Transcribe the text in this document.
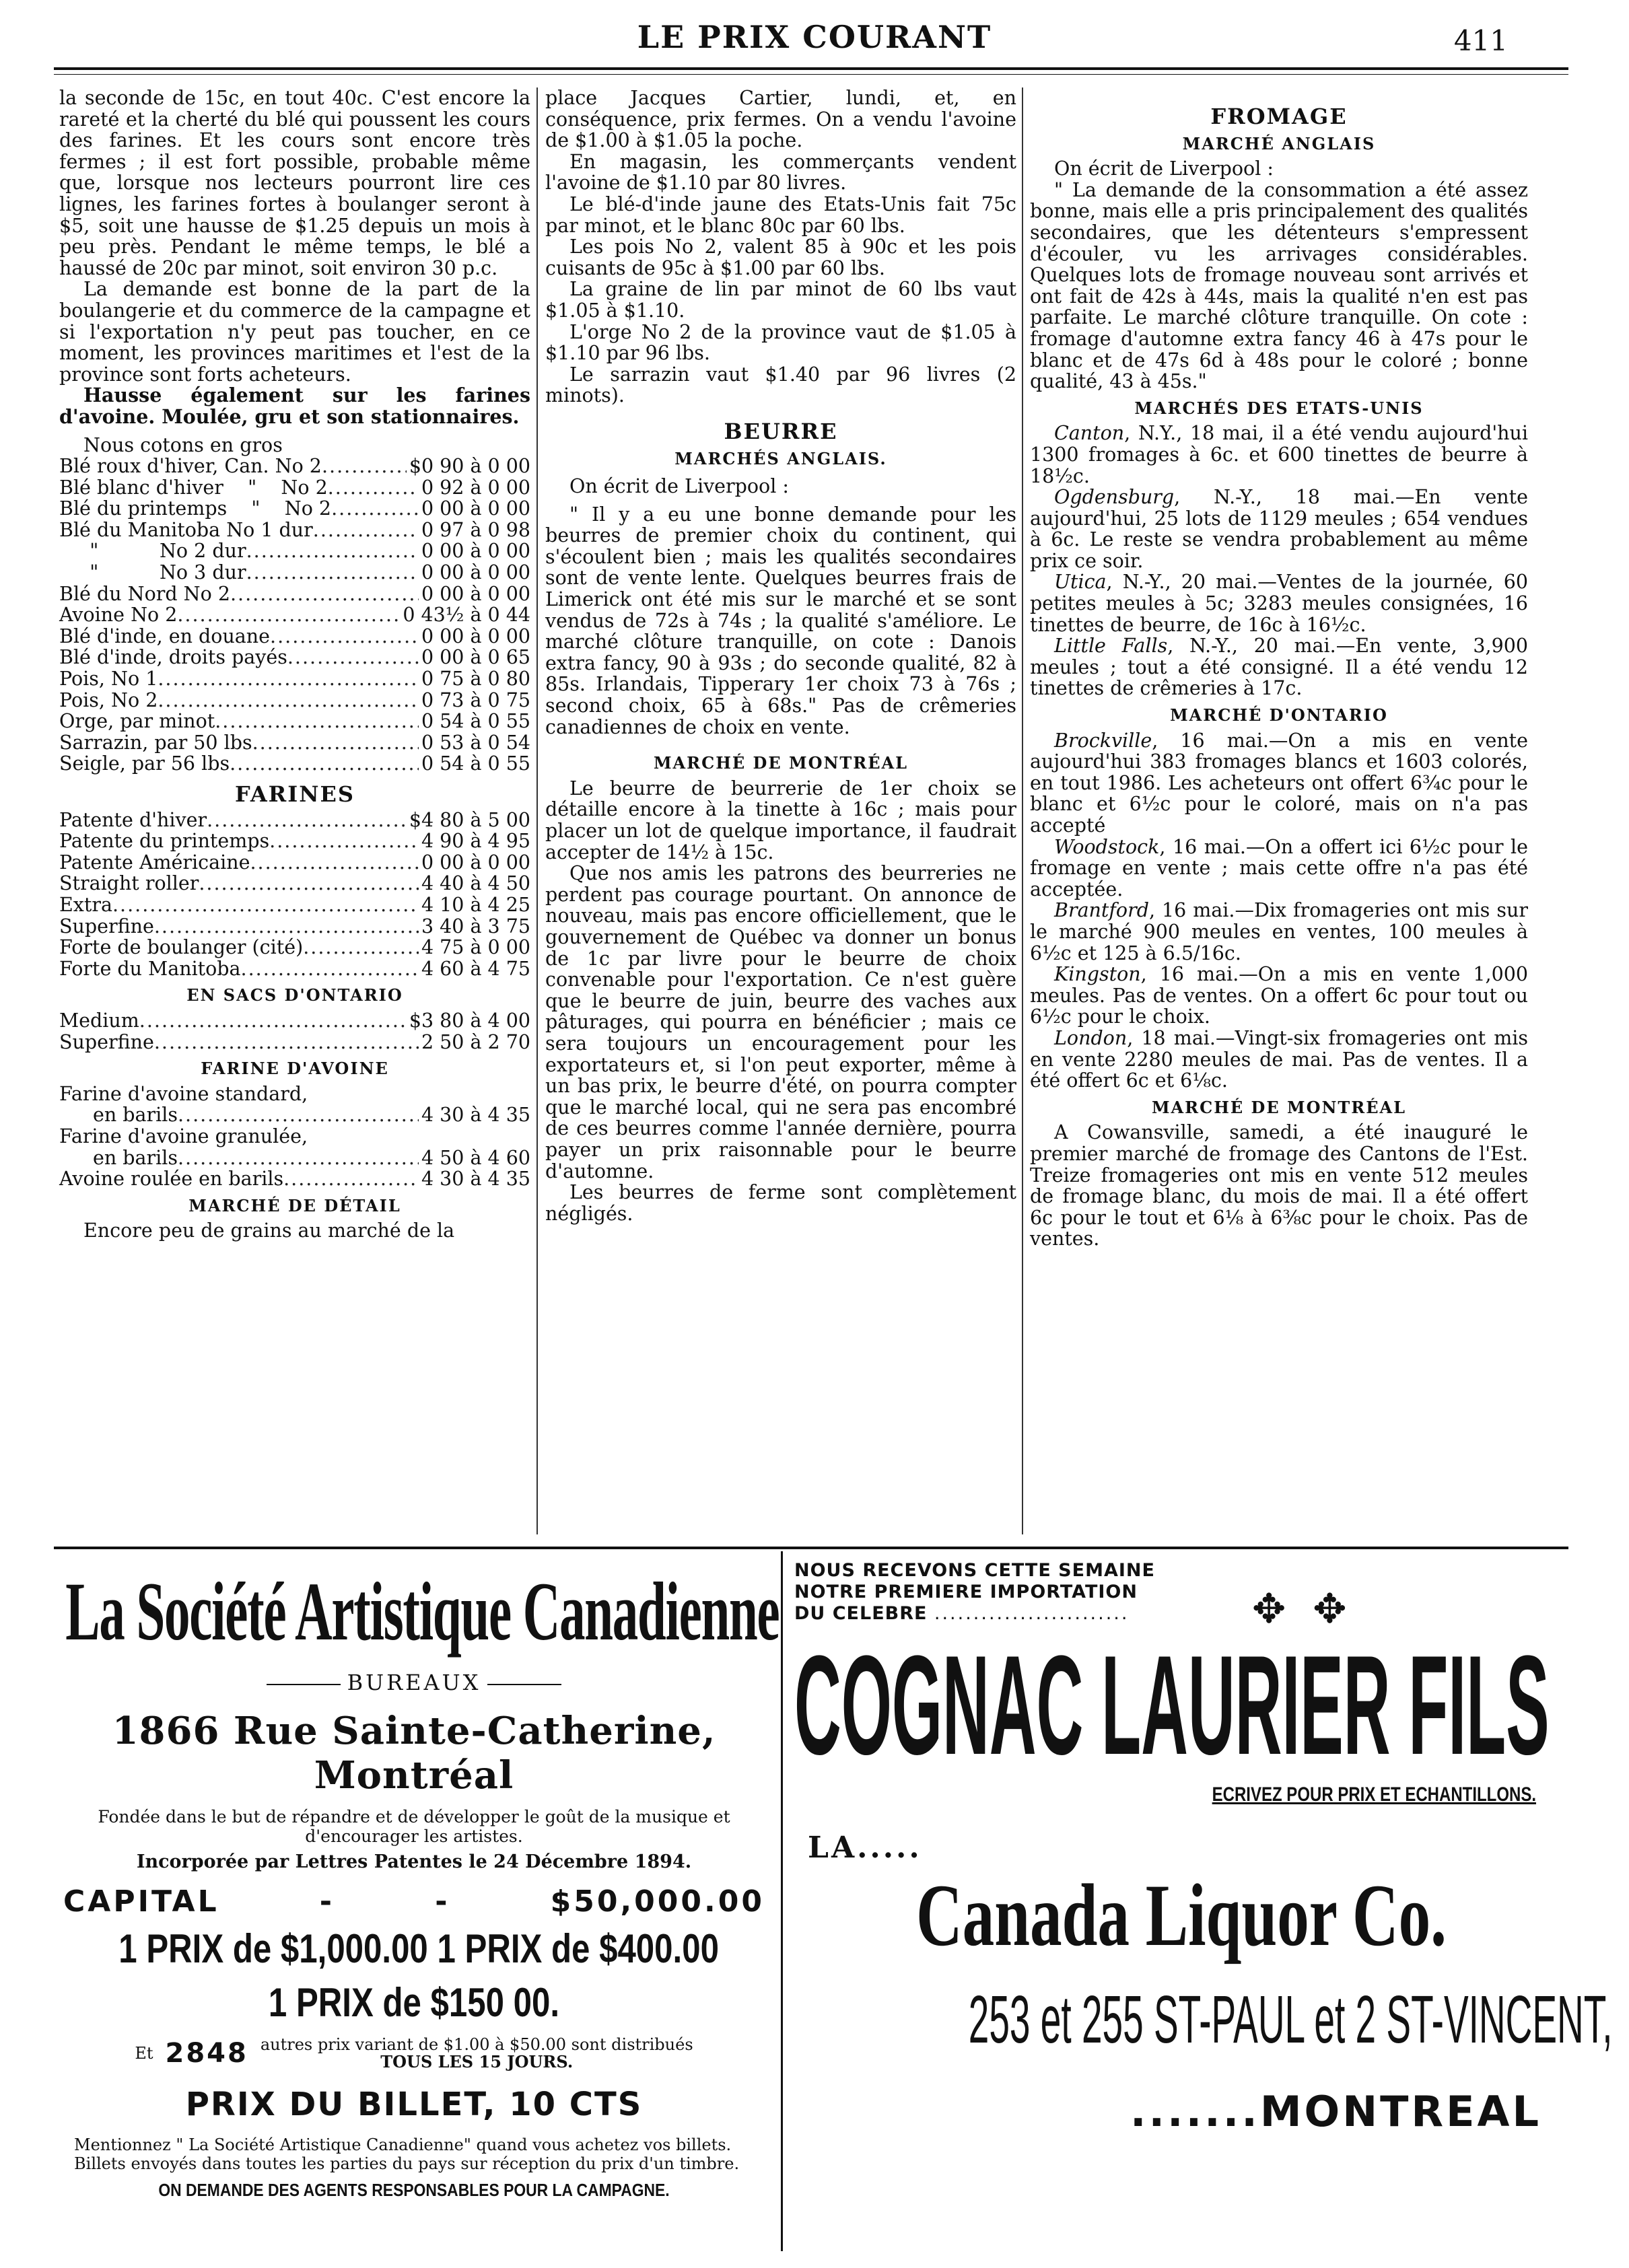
LE PRIX COURANT	411

la seconde de 15c, en tout 40c. C'est encore la rareté et la cherté du blé qui poussent les cours des farines. Et les cours sont encore très fermes ; il est fort possible, probable même que, lorsque nos lecteurs pourront lire ces lignes, les farines fortes à boulanger seront à $5, soit une hausse de $1.25 depuis un mois à peu près. Pendant le même temps, le blé a haussé de 20c par minot, soit environ 30 p.c.

La demande est bonne de la part de la boulangerie et du commerce de la campagne et si l'exportation n'y peut pas toucher, en ce moment, les provinces maritimes et l'est de la province sont forts acheteurs.

Hausse également sur les farines d'avoine. Moulée, gru et son stationnaires.

Nous cotons en gros

Blé roux d'hiver, Can. No 2 .....	$0 90 à 0 00
Blé blanc d'hiver    "    No 2 .....	0 92 à 0 00
Blé du printemps    "    No 2 .....	0 00 à 0 00
Blé du Manitoba No 1 dur .....	0 97 à 0 98
"          No 2 dur .....	0 00 à 0 00
"          No 3 dur .....	0 00 à 0 00
Blé du Nord No 2 .....	0 00 à 0 00
Avoine No 2 .....	0 43½ à 0 44
Blé d'inde, en douane .....	0 00 à 0 00
Blé d'inde, droits payés .....	0 00 à 0 65
Pois, No 1 .....	0 75 à 0 80
Pois, No 2 .....	0 73 à 0 75
Orge, par minot .....	0 54 à 0 55
Sarrazin, par 50 lbs .....	0 53 à 0 54
Seigle, par 56 lbs .....	0 54 à 0 55
FARINES
Patente d'hiver .....	$4 80 à 5 00
Patente du printemps .....	4 90 à 4 95
Patente Américaine .....	0 00 à 0 00
Straight roller .....	4 40 à 4 50
Extra .....	4 10 à 4 25
Superfine .....	3 40 à 3 75
Forte de boulanger (cité) .....	4 75 à 0 00
Forte du Manitoba .....	4 60 à 4 75
EN SACS D'ONTARIO
Medium .....	$3 80 à 4 00
Superfine .....	2 50 à 2 70
FARINE D'AVOINE
Farine d'avoine standard,
en barils .....	4 30 à 4 35
Farine d'avoine granulée,
en barils .....	4 50 à 4 60
Avoine roulée en barils .....	4 30 à 4 35
MARCHÉ DE DÉTAIL

Encore peu de grains au marché de la

place Jacques Cartier, lundi, et, en conséquence, prix fermes. On a vendu l'avoine de $1.00 à $1.05 la poche.

En magasin, les commerçants vendent l'avoine de $1.10 par 80 livres.

Le blé-d'inde jaune des Etats-Unis fait 75c par minot, et le blanc 80c par 60 lbs.

Les pois No 2, valent 85 à 90c et les pois cuisants de 95c à $1.00 par 60 lbs.

La graine de lin par minot de 60 lbs vaut $1.05 à $1.10.

L'orge No 2 de la province vaut de $1.05 à $1.10 par 96 lbs.

Le sarrazin vaut $1.40 par 96 livres (2 minots).

BEURRE
MARCHÉS ANGLAIS.

On écrit de Liverpool :

" Il y a eu une bonne demande pour les beurres de premier choix du continent, qui s'écoulent bien ; mais les qualités secondaires sont de vente lente. Quelques beurres frais de Limerick ont été mis sur le marché et se sont vendus de 72s à 74s ; la qualité s'améliore. Le marché clôture tranquille, on cote : Danois extra fancy, 90 à 93s ; do seconde qualité, 82 à 85s. Irlandais, Tipperary 1er choix 73 à 76s ; second choix, 65 à 68s." Pas de crêmeries canadiennes de choix en vente.

MARCHÉ DE MONTRÉAL

Le beurre de beurrerie de 1er choix se détaille encore à la tinette à 16c ; mais pour placer un lot de quelque importance, il faudrait accepter de 14½ à 15c.

Que nos amis les patrons des beurreries ne perdent pas courage pourtant. On annonce de nouveau, mais pas encore officiellement, que le gouvernement de Québec va donner un bonus de 1c par livre pour le beurre de choix convenable pour l'exportation. Ce n'est guère que le beurre de juin, beurre des vaches aux pâturages, qui pourra en bénéficier ; mais ce sera toujours un encouragement pour les exportateurs et, si l'on peut exporter, même à un bas prix, le beurre d'été, on pourra compter que le marché local, qui ne sera pas encombré de ces beurres comme l'année dernière, pourra payer un prix raisonnable pour le beurre d'automne.

Les beurres de ferme sont complètement négligés.

FROMAGE
MARCHÉ ANGLAIS

On écrit de Liverpool :

" La demande de la consommation a été assez bonne, mais elle a pris principalement des qualités secondaires, que les détenteurs s'empressent d'écouler, vu les arrivages considérables. Quelques lots de fromage nouveau sont arrivés et ont fait de 42s à 44s, mais la qualité n'en est pas parfaite. Le marché clôture tranquille. On cote : fromage d'automne extra fancy 46 à 47s pour le blanc et de 47s 6d à 48s pour le coloré ; bonne qualité, 43 à 45s."

MARCHÉS DES ETATS-UNIS

Canton, N.Y., 18 mai, il a été vendu aujourd'hui 1300 fromages à 6c. et 600 tinettes de beurre à 18½c.

Ogdensburg, N.-Y., 18 mai.—En vente aujourd'hui, 25 lots de 1129 meules ; 654 vendues à 6c. Le reste se vendra probablement au même prix ce soir.

Utica, N.-Y., 20 mai.—Ventes de la journée, 60 petites meules à 5c; 3283 meules consignées, 16 tinettes de beurre, de 16c à 16½c.

Little Falls, N.-Y., 20 mai.—En vente, 3,900 meules ; tout a été consigné. Il a été vendu 12 tinettes de crêmeries à 17c.

MARCHÉ D'ONTARIO

Brockville, 16 mai.—On a mis en vente aujourd'hui 383 fromages blancs et 1603 colorés, en tout 1986. Les acheteurs ont offert 6¾c pour le blanc et 6½c pour le coloré, mais on n'a pas accepté

Woodstock, 16 mai.—On a offert ici 6½c pour le fromage en vente ; mais cette offre n'a pas été acceptée.

Brantford, 16 mai.—Dix fromageries ont mis sur le marché 900 meules en ventes, 100 meules à 6½c et 125 à 6.5/16c.

Kingston, 16 mai.—On a mis en vente 1,000 meules. Pas de ventes. On a offert 6c pour tout ou 6½c pour le choix.

London, 18 mai.—Vingt-six fromageries ont mis en vente 2280 meules de mai. Pas de ventes. Il a été offert 6c et 6⅛c.

MARCHÉ DE MONTRÉAL

A Cowansville, samedi, a été inauguré le premier marché de fromage des Cantons de l'Est. Treize fromageries ont mis en vente 512 meules de fromage blanc, du mois de mai. Il a été offert 6c pour le tout et 6⅛ à 6⅜c pour le choix. Pas de ventes.

La Société Artistique Canadienne
BUREAUX
1866 Rue Sainte-Catherine, Montréal
Fondée dans le but de répandre et de développer le goût de la musique et d'encourager les artistes.
Incorporée par Lettres Patentes le 24 Décembre 1894.
CAPITAL	-	-	$50,000.00
1 PRIX de $1,000.00 1 PRIX de $400.00
1 PRIX de $150 00.
Et 2848 autres prix variant de $1.00 à $50.00 sont distribués
TOUS LES 15 JOURS.
PRIX DU BILLET, 10 CTS
Mentionnez " La Société Artistique Canadienne" quand vous achetez vos billets. Billets envoyés dans toutes les parties du pays sur réception du prix d'un timbre.
ON DEMANDE DES AGENTS RESPONSABLES POUR LA CAMPAGNE.
NOUS RECEVONS CETTE SEMAINE
NOTRE PREMIERE IMPORTATION
DU CELEBRE .........................	✥✥
COGNAC LAURIER FILS
ECRIVEZ POUR PRIX ET ECHANTILLONS.
LA.....
Canada Liquor Co.
253 et 255 ST-PAUL et 2 ST-VINCENT,
.......MONTREAL
